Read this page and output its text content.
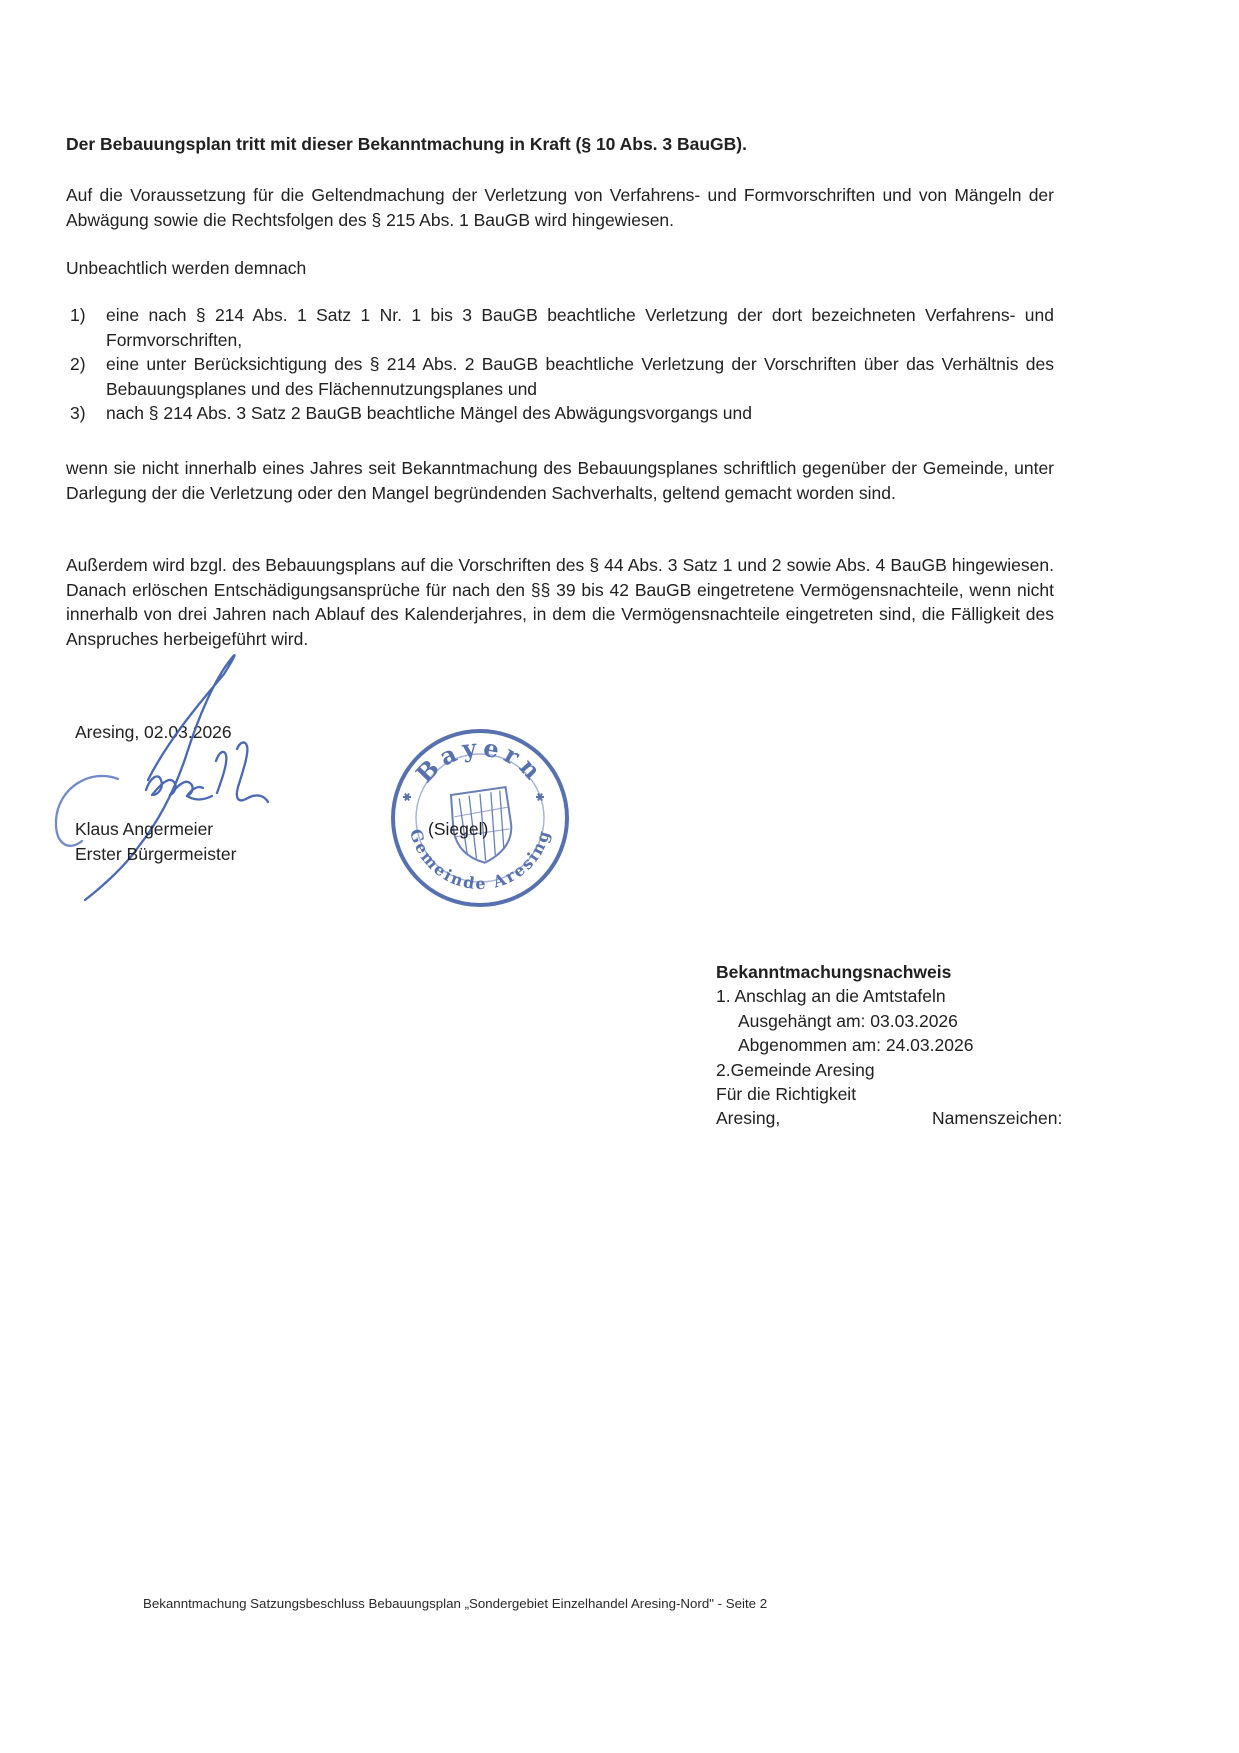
Der Bebauungsplan tritt mit dieser Bekanntmachung in Kraft (§ 10 Abs. 3 BauGB).
Auf die Voraussetzung für die Geltendmachung der Verletzung von Verfahrens- und Formvorschriften und von Mängeln der Abwägung sowie die Rechtsfolgen des § 215 Abs. 1 BauGB wird hingewiesen.
Unbeachtlich werden demnach
1)	eine nach § 214 Abs. 1 Satz 1 Nr. 1 bis 3 BauGB beachtliche Verletzung der dort bezeichneten Verfahrens- und Formvorschriften,
2)	eine unter Berücksichtigung des § 214 Abs. 2 BauGB beachtliche Verletzung der Vorschriften über das Verhältnis des Bebauungsplanes und des Flächennutzungsplanes und
3)	nach § 214 Abs. 3 Satz 2 BauGB beachtliche Mängel des Abwägungsvorgangs und
wenn sie nicht innerhalb eines Jahres seit Bekanntmachung des Bebauungsplanes schriftlich gegenüber der Gemeinde, unter Darlegung der die Verletzung oder den Mangel begründenden Sachverhalts, geltend gemacht worden sind.
Außerdem wird bzgl. des Bebauungsplans auf die Vorschriften des § 44 Abs. 3 Satz 1 und 2 sowie Abs. 4 BauGB hingewiesen. Danach erlöschen Entschädigungsansprüche für nach den §§ 39 bis 42 BauGB eingetretene Vermögensnachteile, wenn nicht innerhalb von drei Jahren nach Ablauf des Kalenderjahres, in dem die Vermögensnachteile eingetreten sind, die Fälligkeit des Anspruches herbeigeführt wird.
Aresing, 02.03.2026
Klaus Angermeier
Erster Bürgermeister
Bayern
Gemeinde Aresing
(Siegel)
Bekanntmachungsnachweis
1. Anschlag an die Amtstafeln
Ausgehängt am: 03.03.2026
Abgenommen am: 24.03.2026
2.Gemeinde Aresing
Für die Richtigkeit
Aresing,	Namenszeichen:
Bekanntmachung Satzungsbeschluss Bebauungsplan „Sondergebiet Einzelhandel Aresing-Nord" - Seite 2
